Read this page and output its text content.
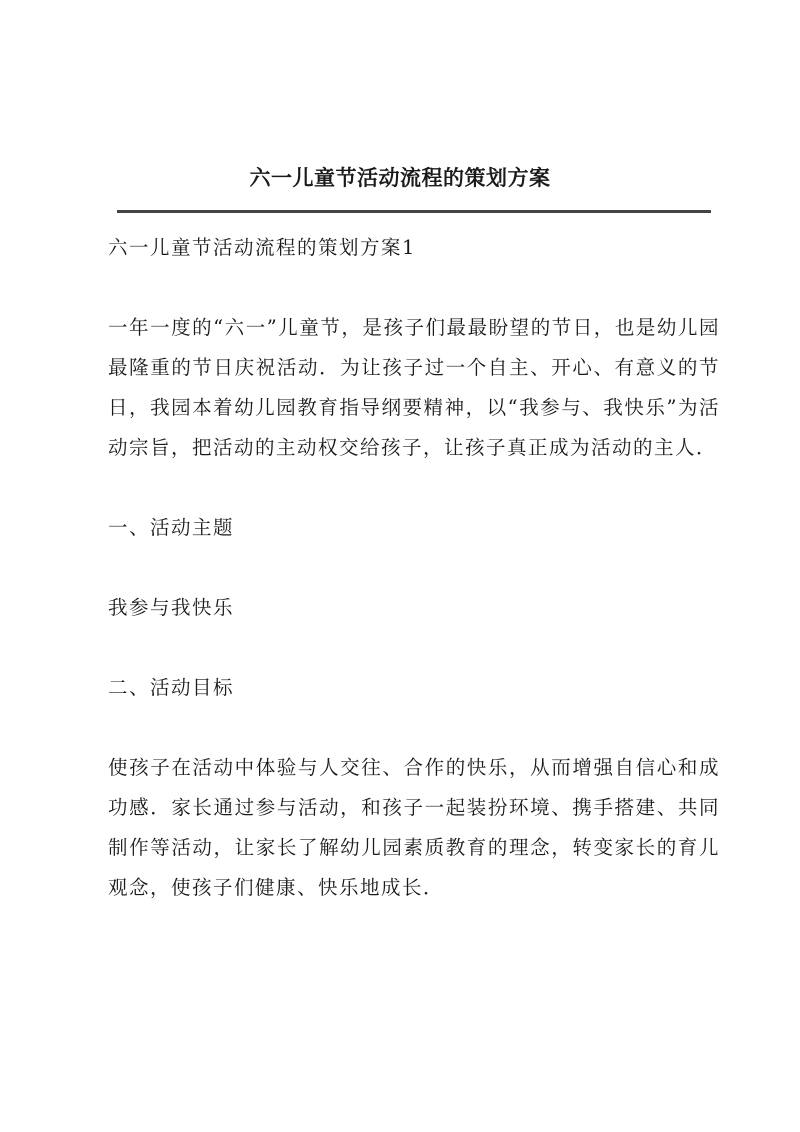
六一儿童节活动流程的策划方案

六一儿童节活动流程的策划方案1

一年一度的“六一”儿童节，是孩子们最最盼望的节日，也是幼儿园最隆重的节日庆祝活动．为让孩子过一个自主、开心、有意义的节日，我园本着幼儿园教育指导纲要精神，以“我参与、我快乐”为活动宗旨，把活动的主动权交给孩子，让孩子真正成为活动的主人．

一、活动主题

我参与我快乐

二、活动目标

使孩子在活动中体验与人交往、合作的快乐，从而增强自信心和成功感．家长通过参与活动，和孩子一起装扮环境、携手搭建、共同制作等活动，让家长了解幼儿园素质教育的理念，转变家长的育儿观念，使孩子们健康、快乐地成长．
